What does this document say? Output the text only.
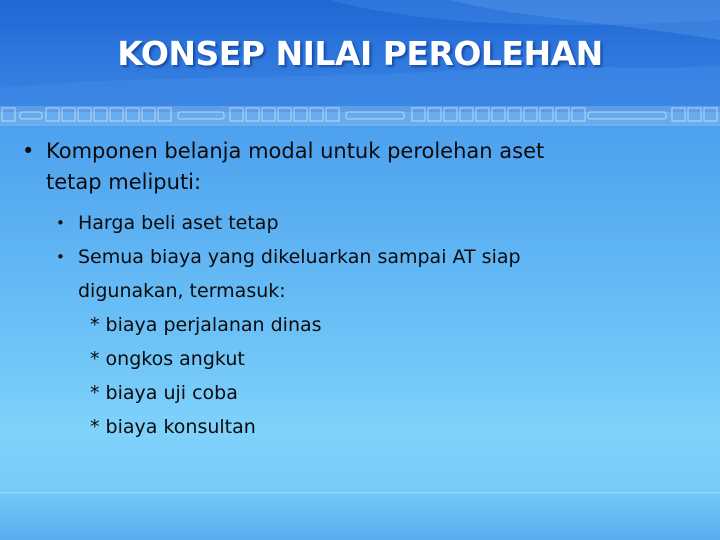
KONSEP NILAI PEROLEHAN
• Komponen belanja modal untuk perolehan aset
tetap meliputi:
• Harga beli aset tetap
• Semua biaya yang dikeluarkan sampai AT siap
digunakan, termasuk:
* biaya perjalanan dinas
* ongkos angkut
* biaya uji coba
* biaya konsultan
